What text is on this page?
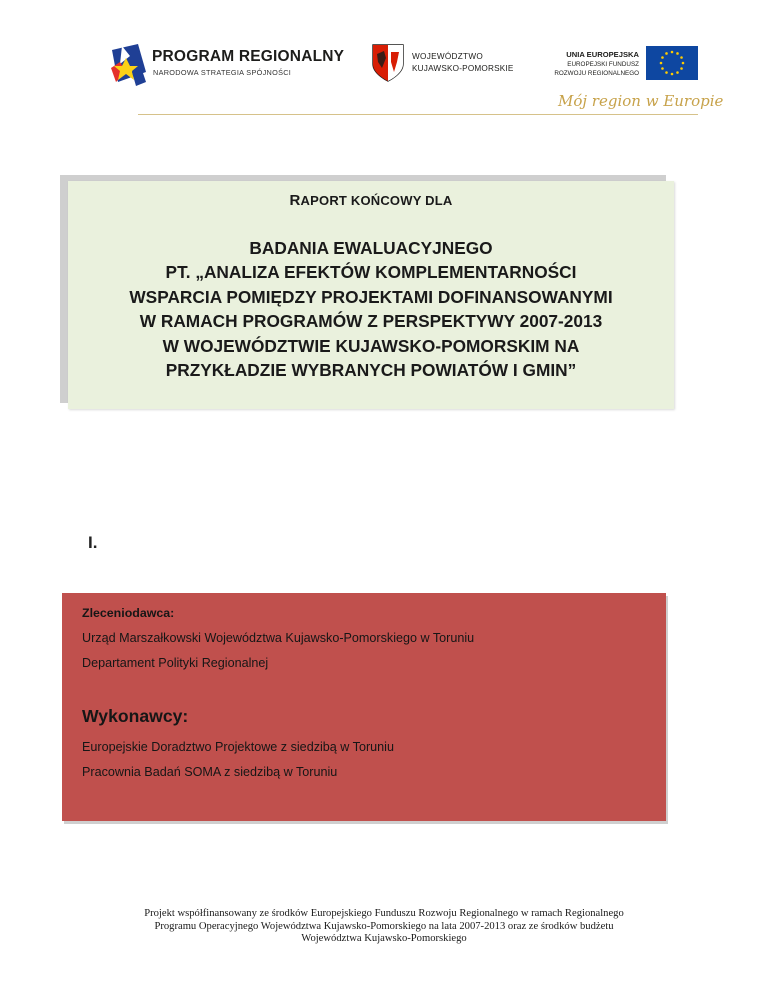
PROGRAM REGIONALNY
NARODOWA STRATEGIA SPÓJNOŚCI
WOJEWÓDZTWO
KUJAWSKO-POMORSKIE
UNIA EUROPEJSKA
EUROPEJSKI FUNDUSZ
ROZWOJU REGIONALNEGO
Mój region w Europie
RAPORT KOŃCOWY DLA
BADANIA EWALUACYJNEGO
PT. „ANALIZA EFEKTÓW KOMPLEMENTARNOŚCI
WSPARCIA POMIĘDZY PROJEKTAMI DOFINANSOWANYMI
W RAMACH PROGRAMÓW Z PERSPEKTYWY 2007-2013
W WOJEWÓDZTWIE KUJAWSKO-POMORSKIM NA
PRZYKŁADZIE WYBRANYCH POWIATÓW I GMIN”
I.
Zleceniodawca:
Urząd Marszałkowski Województwa Kujawsko-Pomorskiego w Toruniu
Departament Polityki Regionalnej
Wykonawcy:
Europejskie Doradztwo Projektowe z siedzibą w Toruniu
Pracownia Badań SOMA z siedzibą w Toruniu
Projekt współfinansowany ze środków Europejskiego Funduszu Rozwoju Regionalnego w ramach Regionalnego
Programu Operacyjnego Województwa Kujawsko-Pomorskiego na lata 2007-2013 oraz ze środków budżetu
Województwa Kujawsko-Pomorskiego
